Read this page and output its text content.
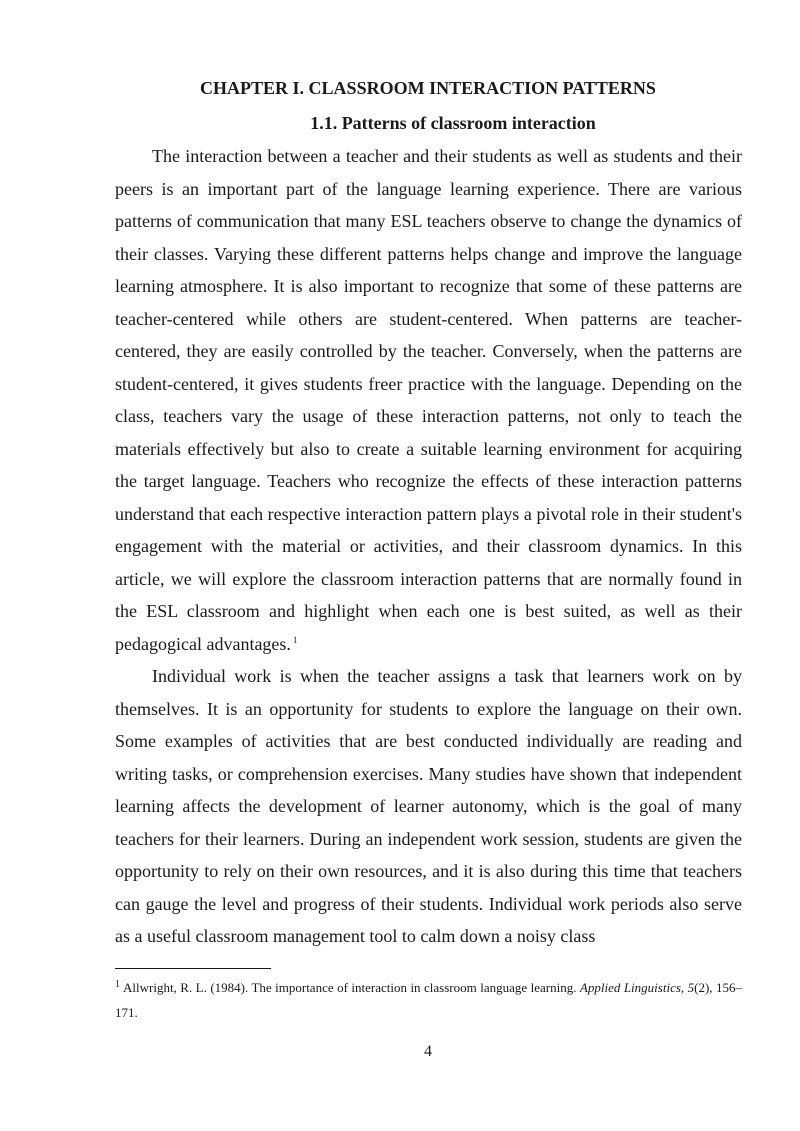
CHAPTER I. CLASSROOM INTERACTION PATTERNS
1.1. Patterns of classroom interaction

The interaction between a teacher and their students as well as students and their peers is an important part of the language learning experience. There are various patterns of communication that many ESL teachers observe to change the dynamics of their classes. Varying these different patterns helps change and improve the language learning atmosphere. It is also important to recognize that some of these patterns are teacher-centered while others are student-centered. When patterns are teacher-centered, they are easily controlled by the teacher. Conversely, when the patterns are student-centered, it gives students freer practice with the language. Depending on the class, teachers vary the usage of these interaction patterns, not only to teach the materials effectively but also to create a suitable learning environment for acquiring the target language. Teachers who recognize the effects of these interaction patterns understand that each respective interaction pattern plays a pivotal role in their student's engagement with the material or activities, and their classroom dynamics. In this article, we will explore the classroom interaction patterns that are normally found in the ESL classroom and highlight when each one is best suited, as well as their pedagogical advantages. $^1$

Individual work is when the teacher assigns a task that learners work on by themselves. It is an opportunity for students to explore the language on their own. Some examples of activities that are best conducted individually are reading and writing tasks, or comprehension exercises. Many studies have shown that independent learning affects the development of learner autonomy, which is the goal of many teachers for their learners. During an independent work session, students are given the opportunity to rely on their own resources, and it is also during this time that teachers can gauge the level and progress of their students. Individual work periods also serve as a useful classroom management tool to calm down a noisy class

$^1$ Allwright, R. L. (1984). The importance of interaction in classroom language learning. Applied Linguistics, 5(2), 156–171.

4
